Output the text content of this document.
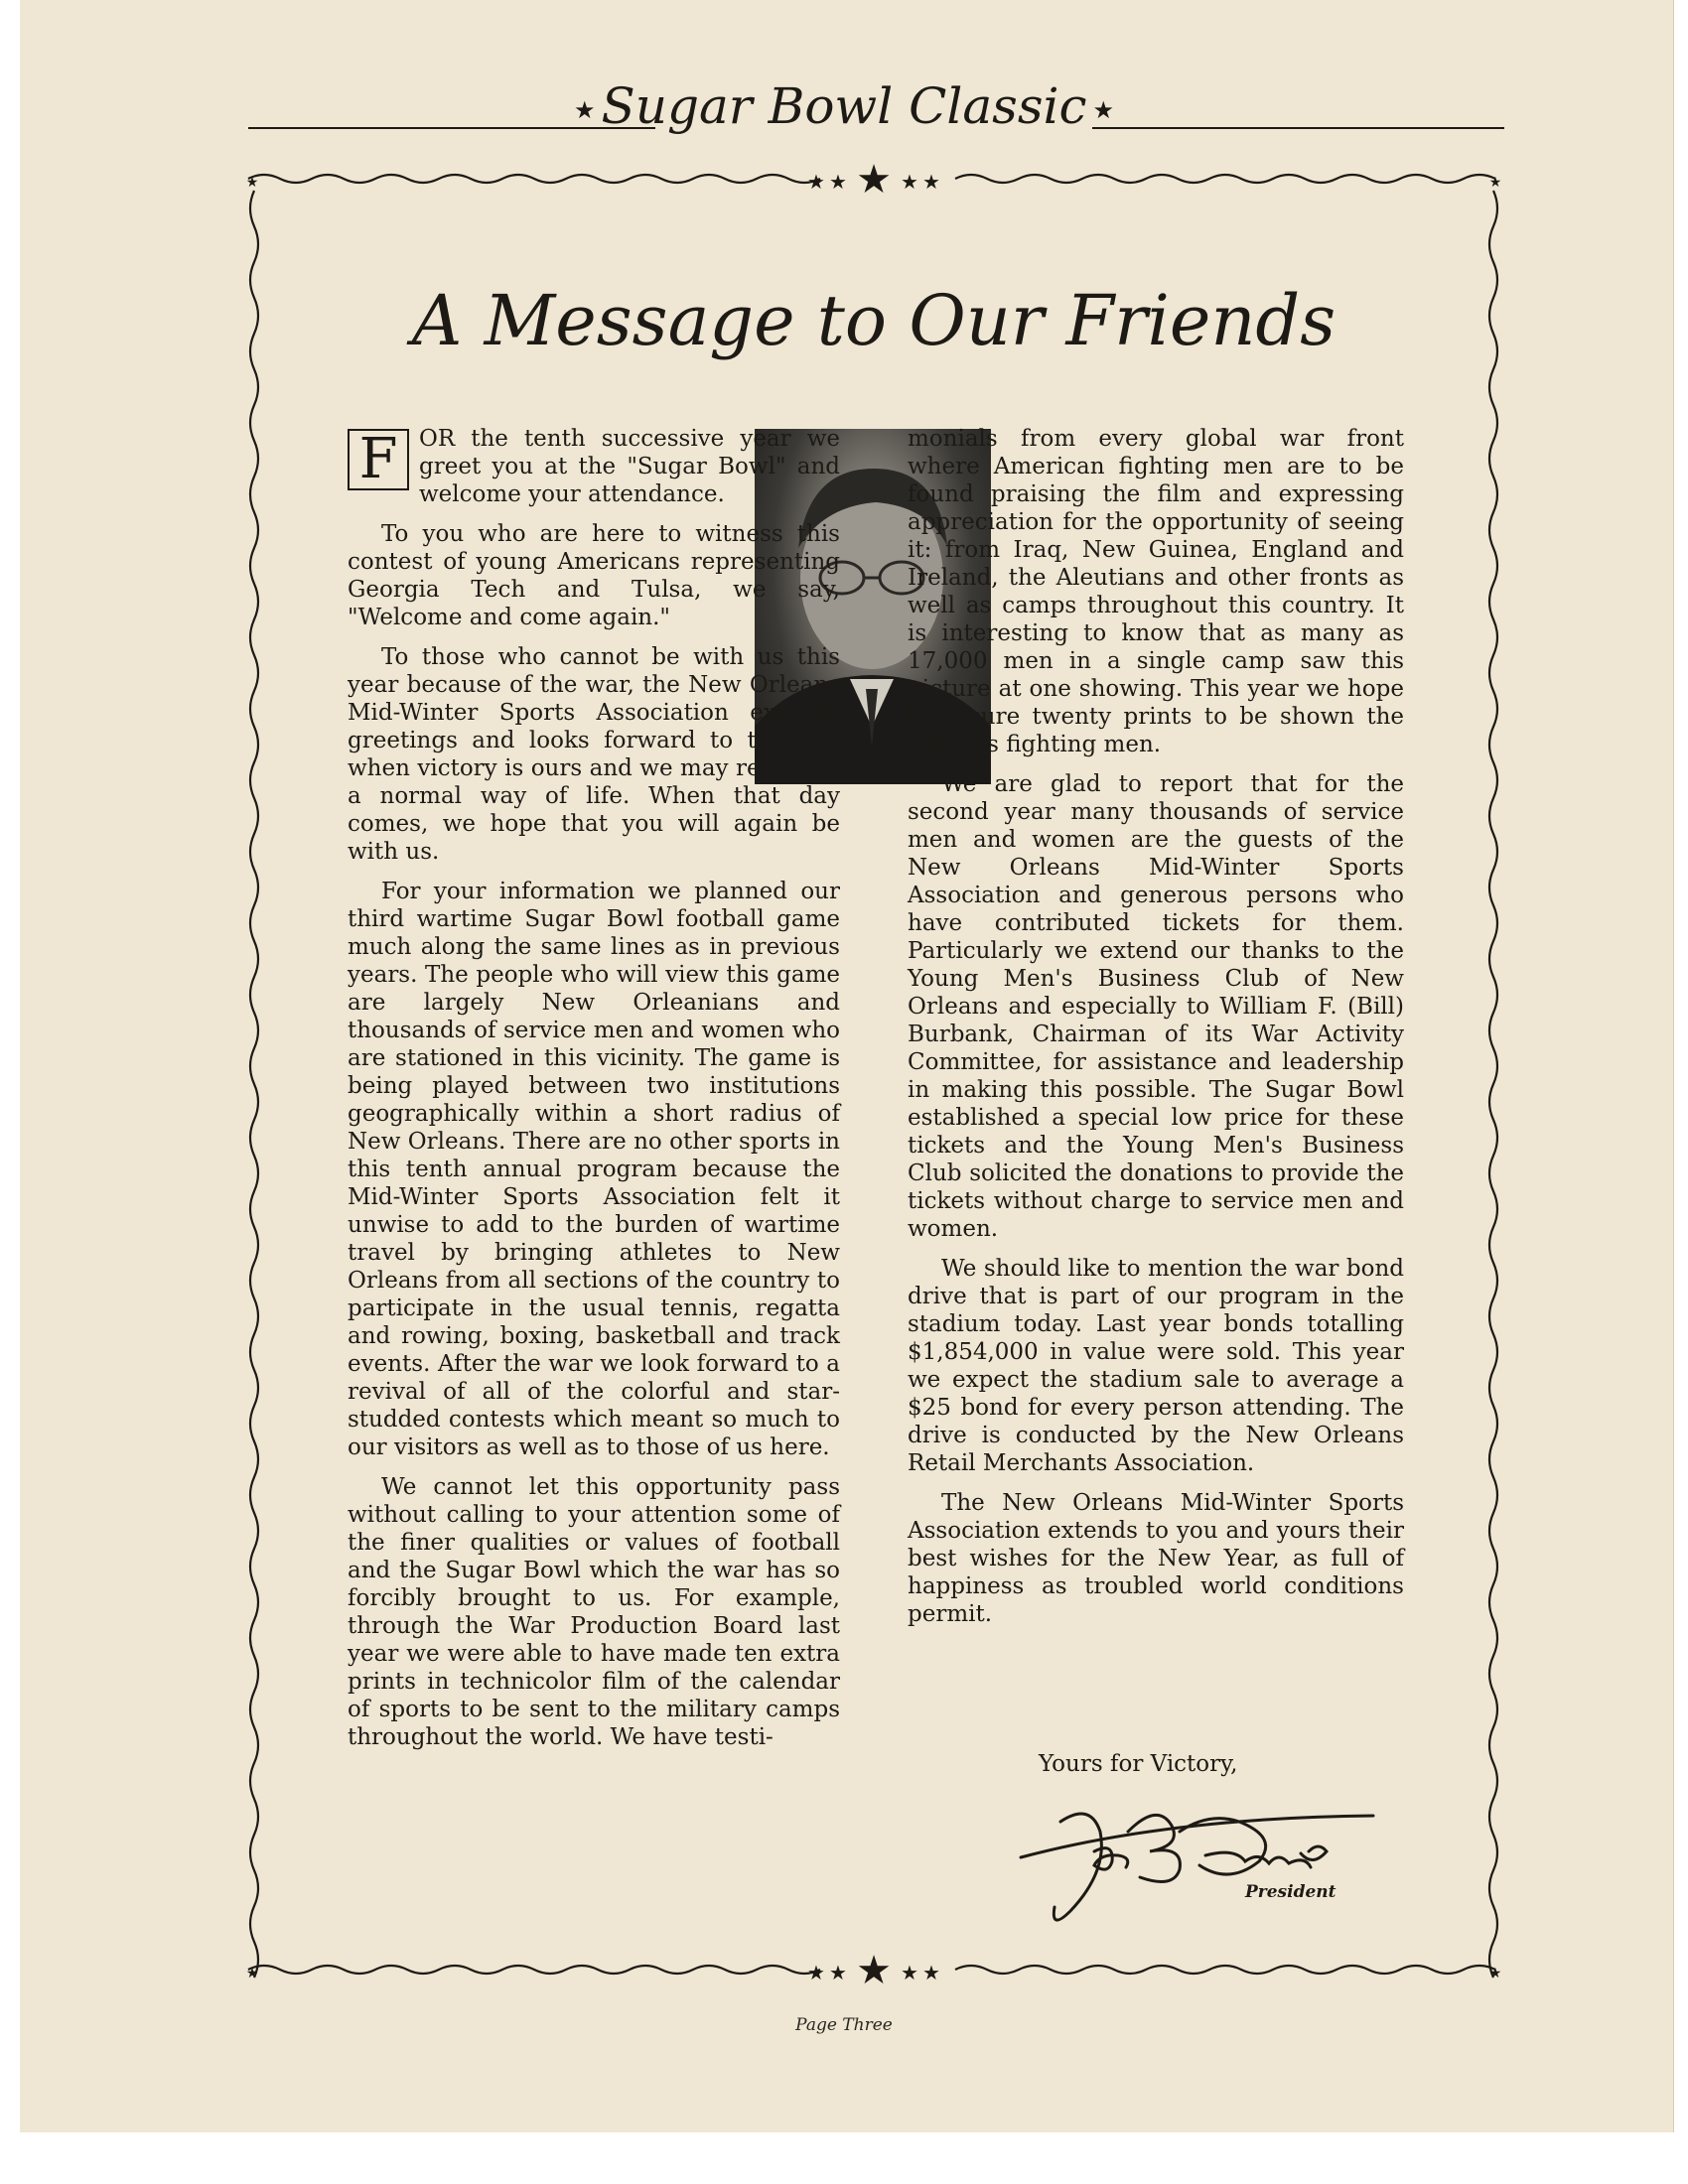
★ Sugar Bowl Classic ★
★
★
★	★ ★
★
★
★	★ ★
★	★
★	★
A Message to Our Friends

F OR the tenth successive year we greet you at the "Sugar Bowl" and welcome your attendance.

To you who are here to witness this contest of young Americans representing Georgia Tech and Tulsa, we say, "Welcome and come again."

To those who cannot be with us this year because of the war, the New Orleans Mid-Winter Sports Association extends greetings and looks forward to the day when victory is ours and we may return to a normal way of life. When that day comes, we hope that you will again be with us.

For your information we planned our third wartime Sugar Bowl football game much along the same lines as in previous years. The people who will view this game are largely New Orleanians and thousands of service men and women who are stationed in this vicinity. The game is being played between two institutions geographically within a short radius of New Orleans. There are no other sports in this tenth annual program because the Mid-Winter Sports Association felt it unwise to add to the burden of wartime travel by bringing athletes to New Orleans from all sections of the country to participate in the usual tennis, regatta and rowing, boxing, basketball and track events. After the war we look forward to a revival of all of the colorful and star-studded contests which meant so much to our visitors as well as to those of us here.

We cannot let this opportunity pass without calling to your attention some of the finer qualities or values of football and the Sugar Bowl which the war has so forcibly brought to us. For example, through the War Production Board last year we were able to have made ten extra prints in technicolor film of the calendar of sports to be sent to the military camps throughout the world. We have testi-

monials from every global war front where American fighting men are to be found praising the film and expressing appreciation for the opportunity of seeing it: from Iraq, New Guinea, England and Ireland, the Aleutians and other fronts as well as camps throughout this country. It is interesting to know that as many as 17,000 men in a single camp saw this picture at one showing. This year we hope to secure twenty prints to be shown the nation's fighting men.

We are glad to report that for the second year many thousands of service men and women are the guests of the New Orleans Mid-Winter Sports Association and generous persons who have contributed tickets for them. Particularly we extend our thanks to the Young Men's Business Club of New Orleans and especially to William F. (Bill) Burbank, Chairman of its War Activity Committee, for assistance and leadership in making this possible. The Sugar Bowl established a special low price for these tickets and the Young Men's Business Club solicited the donations to provide the tickets without charge to service men and women.

We should like to mention the war bond drive that is part of our program in the stadium today. Last year bonds totalling $1,854,000 in value were sold. This year we expect the stadium sale to average a $25 bond for every person attending. The drive is conducted by the New Orleans Retail Merchants Association.

The New Orleans Mid-Winter Sports Association extends to you and yours their best wishes for the New Year, as full of happiness as troubled world conditions permit.

Yours for Victory,
President
Page Three
